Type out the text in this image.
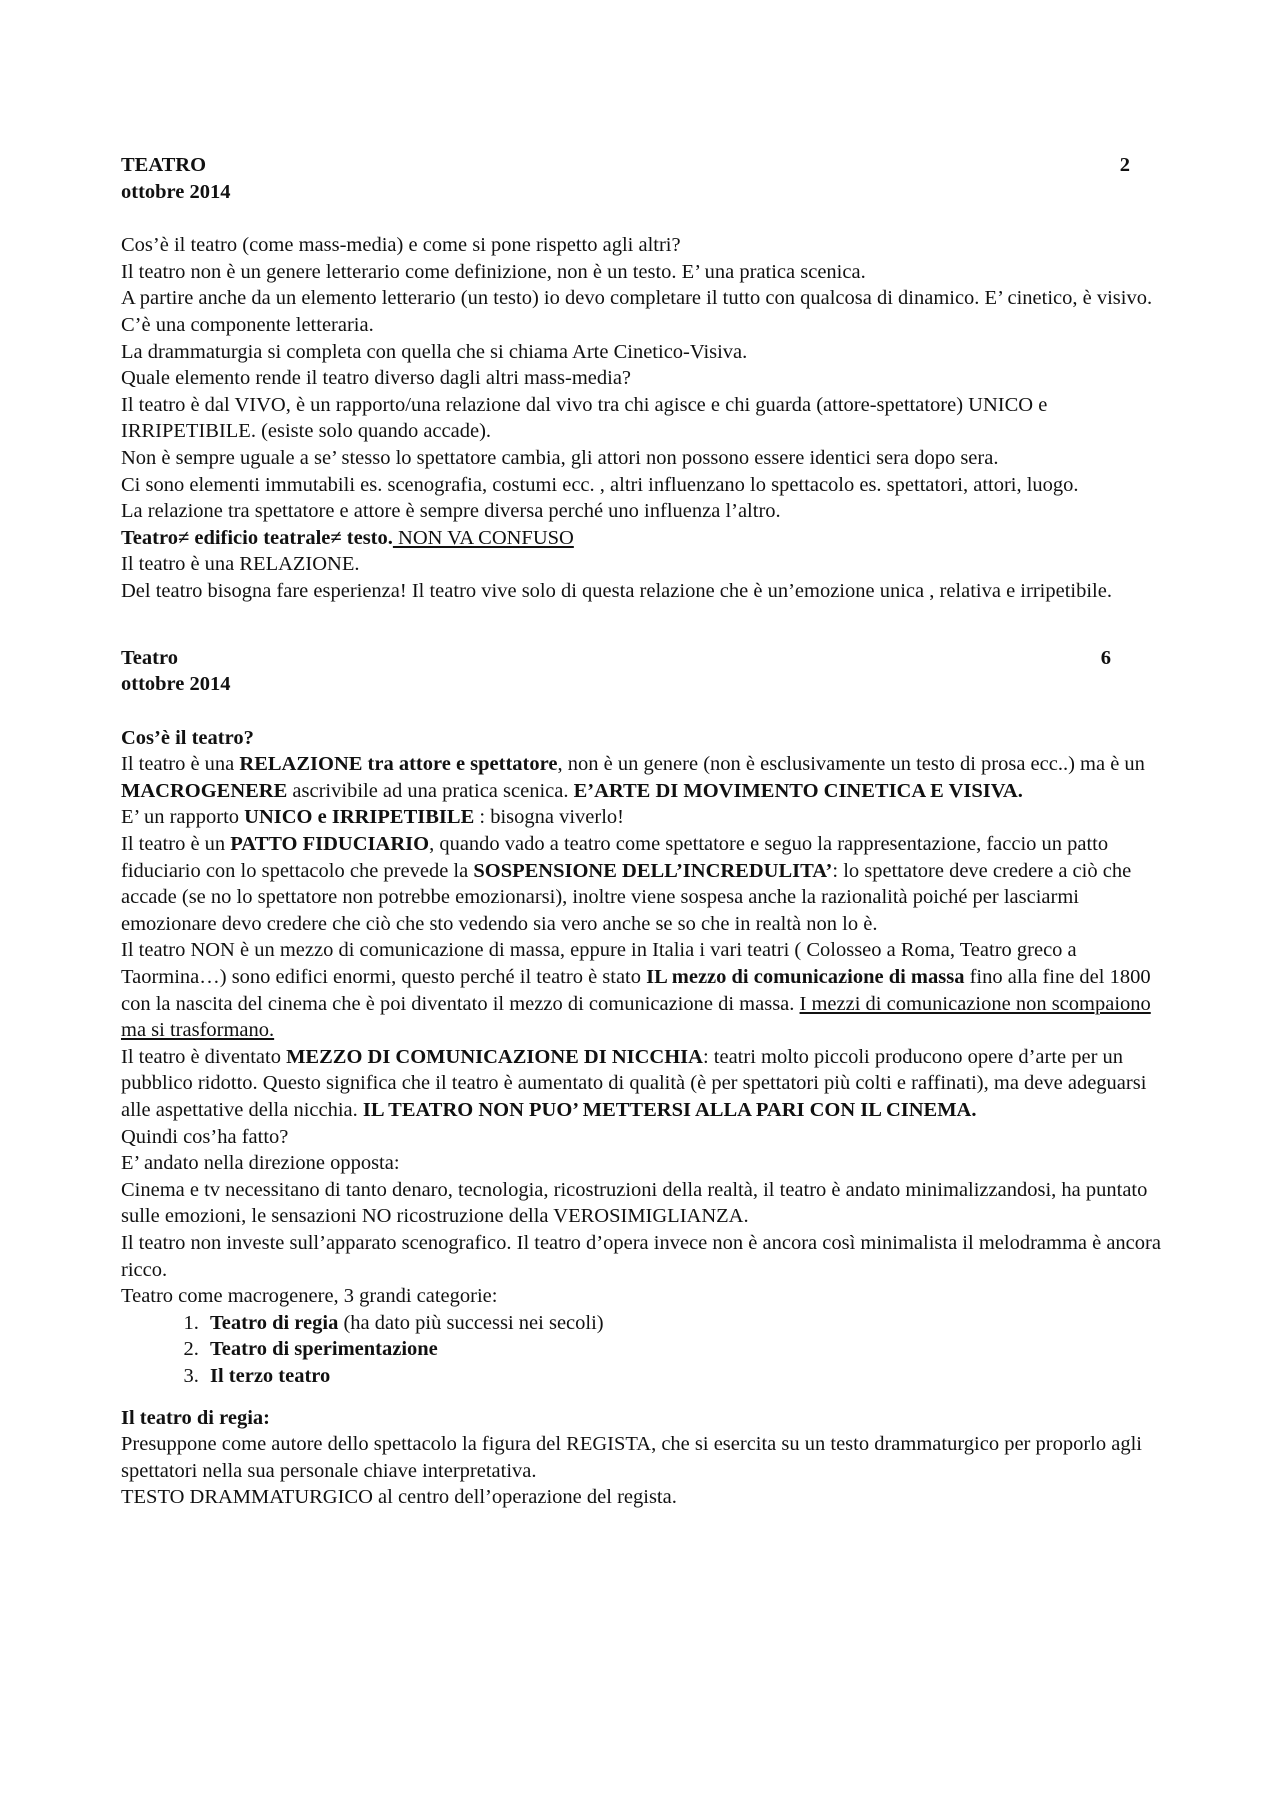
TEATRO	2
ottobre 2014

Cos’è il teatro (come mass-media) e come si pone rispetto agli altri?

Il teatro non è un genere letterario come definizione, non è un testo. E’ una pratica scenica.

A partire anche da un elemento letterario (un testo) io devo completare il tutto con qualcosa di dinamico. E’ cinetico, è visivo.

C’è una componente letteraria.

La drammaturgia si completa con quella che si chiama Arte Cinetico-Visiva.

Quale elemento rende il teatro diverso dagli altri mass-media?

Il teatro è dal VIVO, è un rapporto/una relazione dal vivo tra chi agisce e chi guarda (attore-spettatore) UNICO e IRRIPETIBILE. (esiste solo quando accade).

Non è sempre uguale a se’ stesso lo spettatore cambia, gli attori non possono essere identici sera dopo sera.

Ci sono elementi immutabili es. scenografia, costumi ecc. , altri influenzano lo spettacolo es. spettatori, attori, luogo.

La relazione tra spettatore e attore è sempre diversa perché uno influenza l’altro.

Teatro≠ edificio teatrale≠ testo. NON VA CONFUSO

Il teatro è una RELAZIONE.

Del teatro bisogna fare esperienza! Il teatro vive solo di questa relazione che è un’emozione unica , relativa e irripetibile.

Teatro	6
ottobre 2014

Cos’è il teatro?

Il teatro è una RELAZIONE tra attore e spettatore, non è un genere (non è esclusivamente un testo di prosa ecc..) ma è un MACROGENERE ascrivibile ad una pratica scenica. E’ARTE DI MOVIMENTO CINETICA E VISIVA.

E’ un rapporto UNICO e IRRIPETIBILE : bisogna viverlo!

Il teatro è un PATTO FIDUCIARIO, quando vado a teatro come spettatore e seguo la rappresentazione, faccio un patto fiduciario con lo spettacolo che prevede la SOSPENSIONE DELL’INCREDULITA’: lo spettatore deve credere a ciò che accade (se no lo spettatore non potrebbe emozionarsi), inoltre viene sospesa anche la razionalità poiché per lasciarmi emozionare devo credere che ciò che sto vedendo sia vero anche se so che in realtà non lo è.

Il teatro NON è un mezzo di comunicazione di massa, eppure in Italia i vari teatri ( Colosseo a Roma, Teatro greco a Taormina…) sono edifici enormi, questo perché il teatro è stato IL mezzo di comunicazione di massa fino alla fine del 1800 con la nascita del cinema che è poi diventato il mezzo di comunicazione di massa. I mezzi di comunicazione non scompaiono ma si trasformano.

Il teatro è diventato MEZZO DI COMUNICAZIONE DI NICCHIA: teatri molto piccoli producono opere d’arte per un pubblico ridotto. Questo significa che il teatro è aumentato di qualità (è per spettatori più colti e raffinati), ma deve adeguarsi alle aspettative della nicchia. IL TEATRO NON PUO’ METTERSI ALLA PARI CON IL CINEMA.

Quindi cos’ha fatto?

E’ andato nella direzione opposta:

Cinema e tv necessitano di tanto denaro, tecnologia, ricostruzioni della realtà, il teatro è andato minimalizzandosi, ha puntato sulle emozioni, le sensazioni NO ricostruzione della VEROSIMIGLIANZA.

Il teatro non investe sull’apparato scenografico. Il teatro d’opera invece non è ancora così minimalista il melodramma è ancora ricco.

Teatro come macrogenere, 3 grandi categorie:

1. Teatro di regia (ha dato più successi nei secoli)
2. Teatro di sperimentazione
3. Il terzo teatro

Il teatro di regia:

Presuppone come autore dello spettacolo la figura del REGISTA, che si esercita su un testo drammaturgico per proporlo agli spettatori nella sua personale chiave interpretativa.

TESTO DRAMMATURGICO al centro dell’operazione del regista.
